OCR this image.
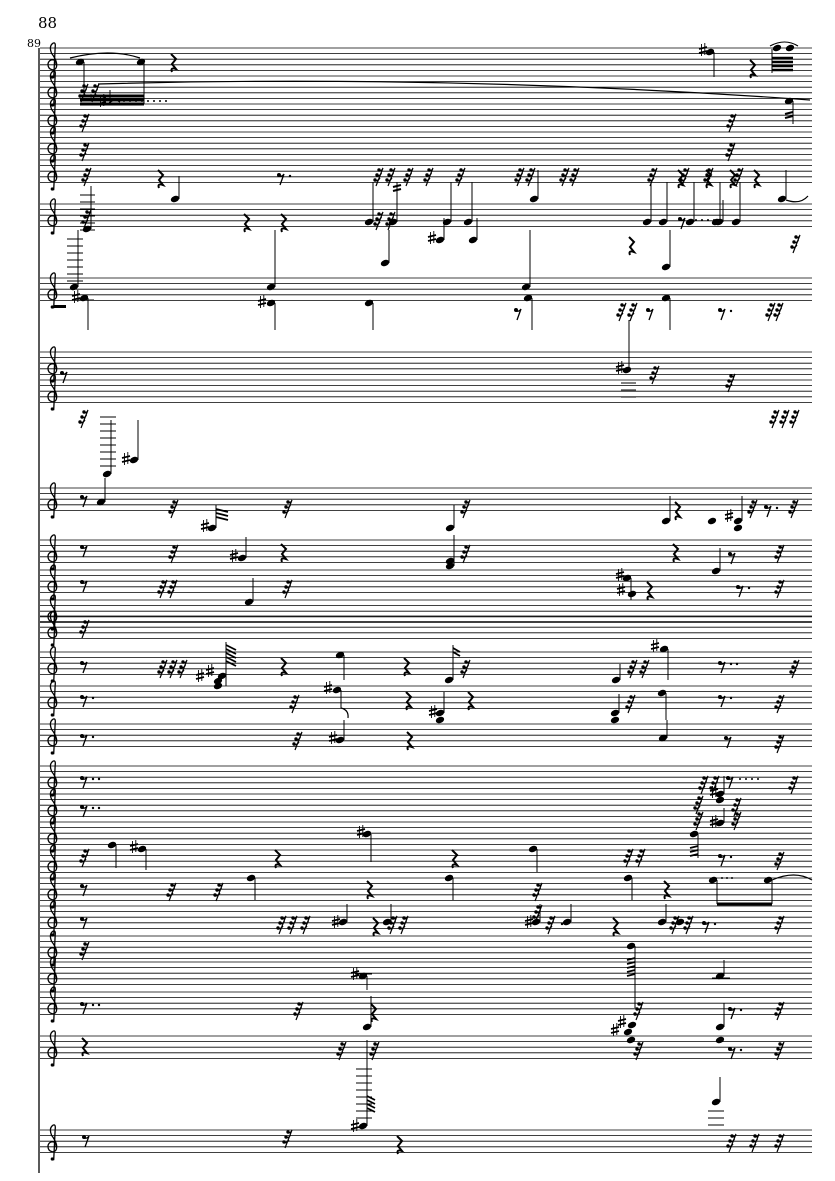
88
89
